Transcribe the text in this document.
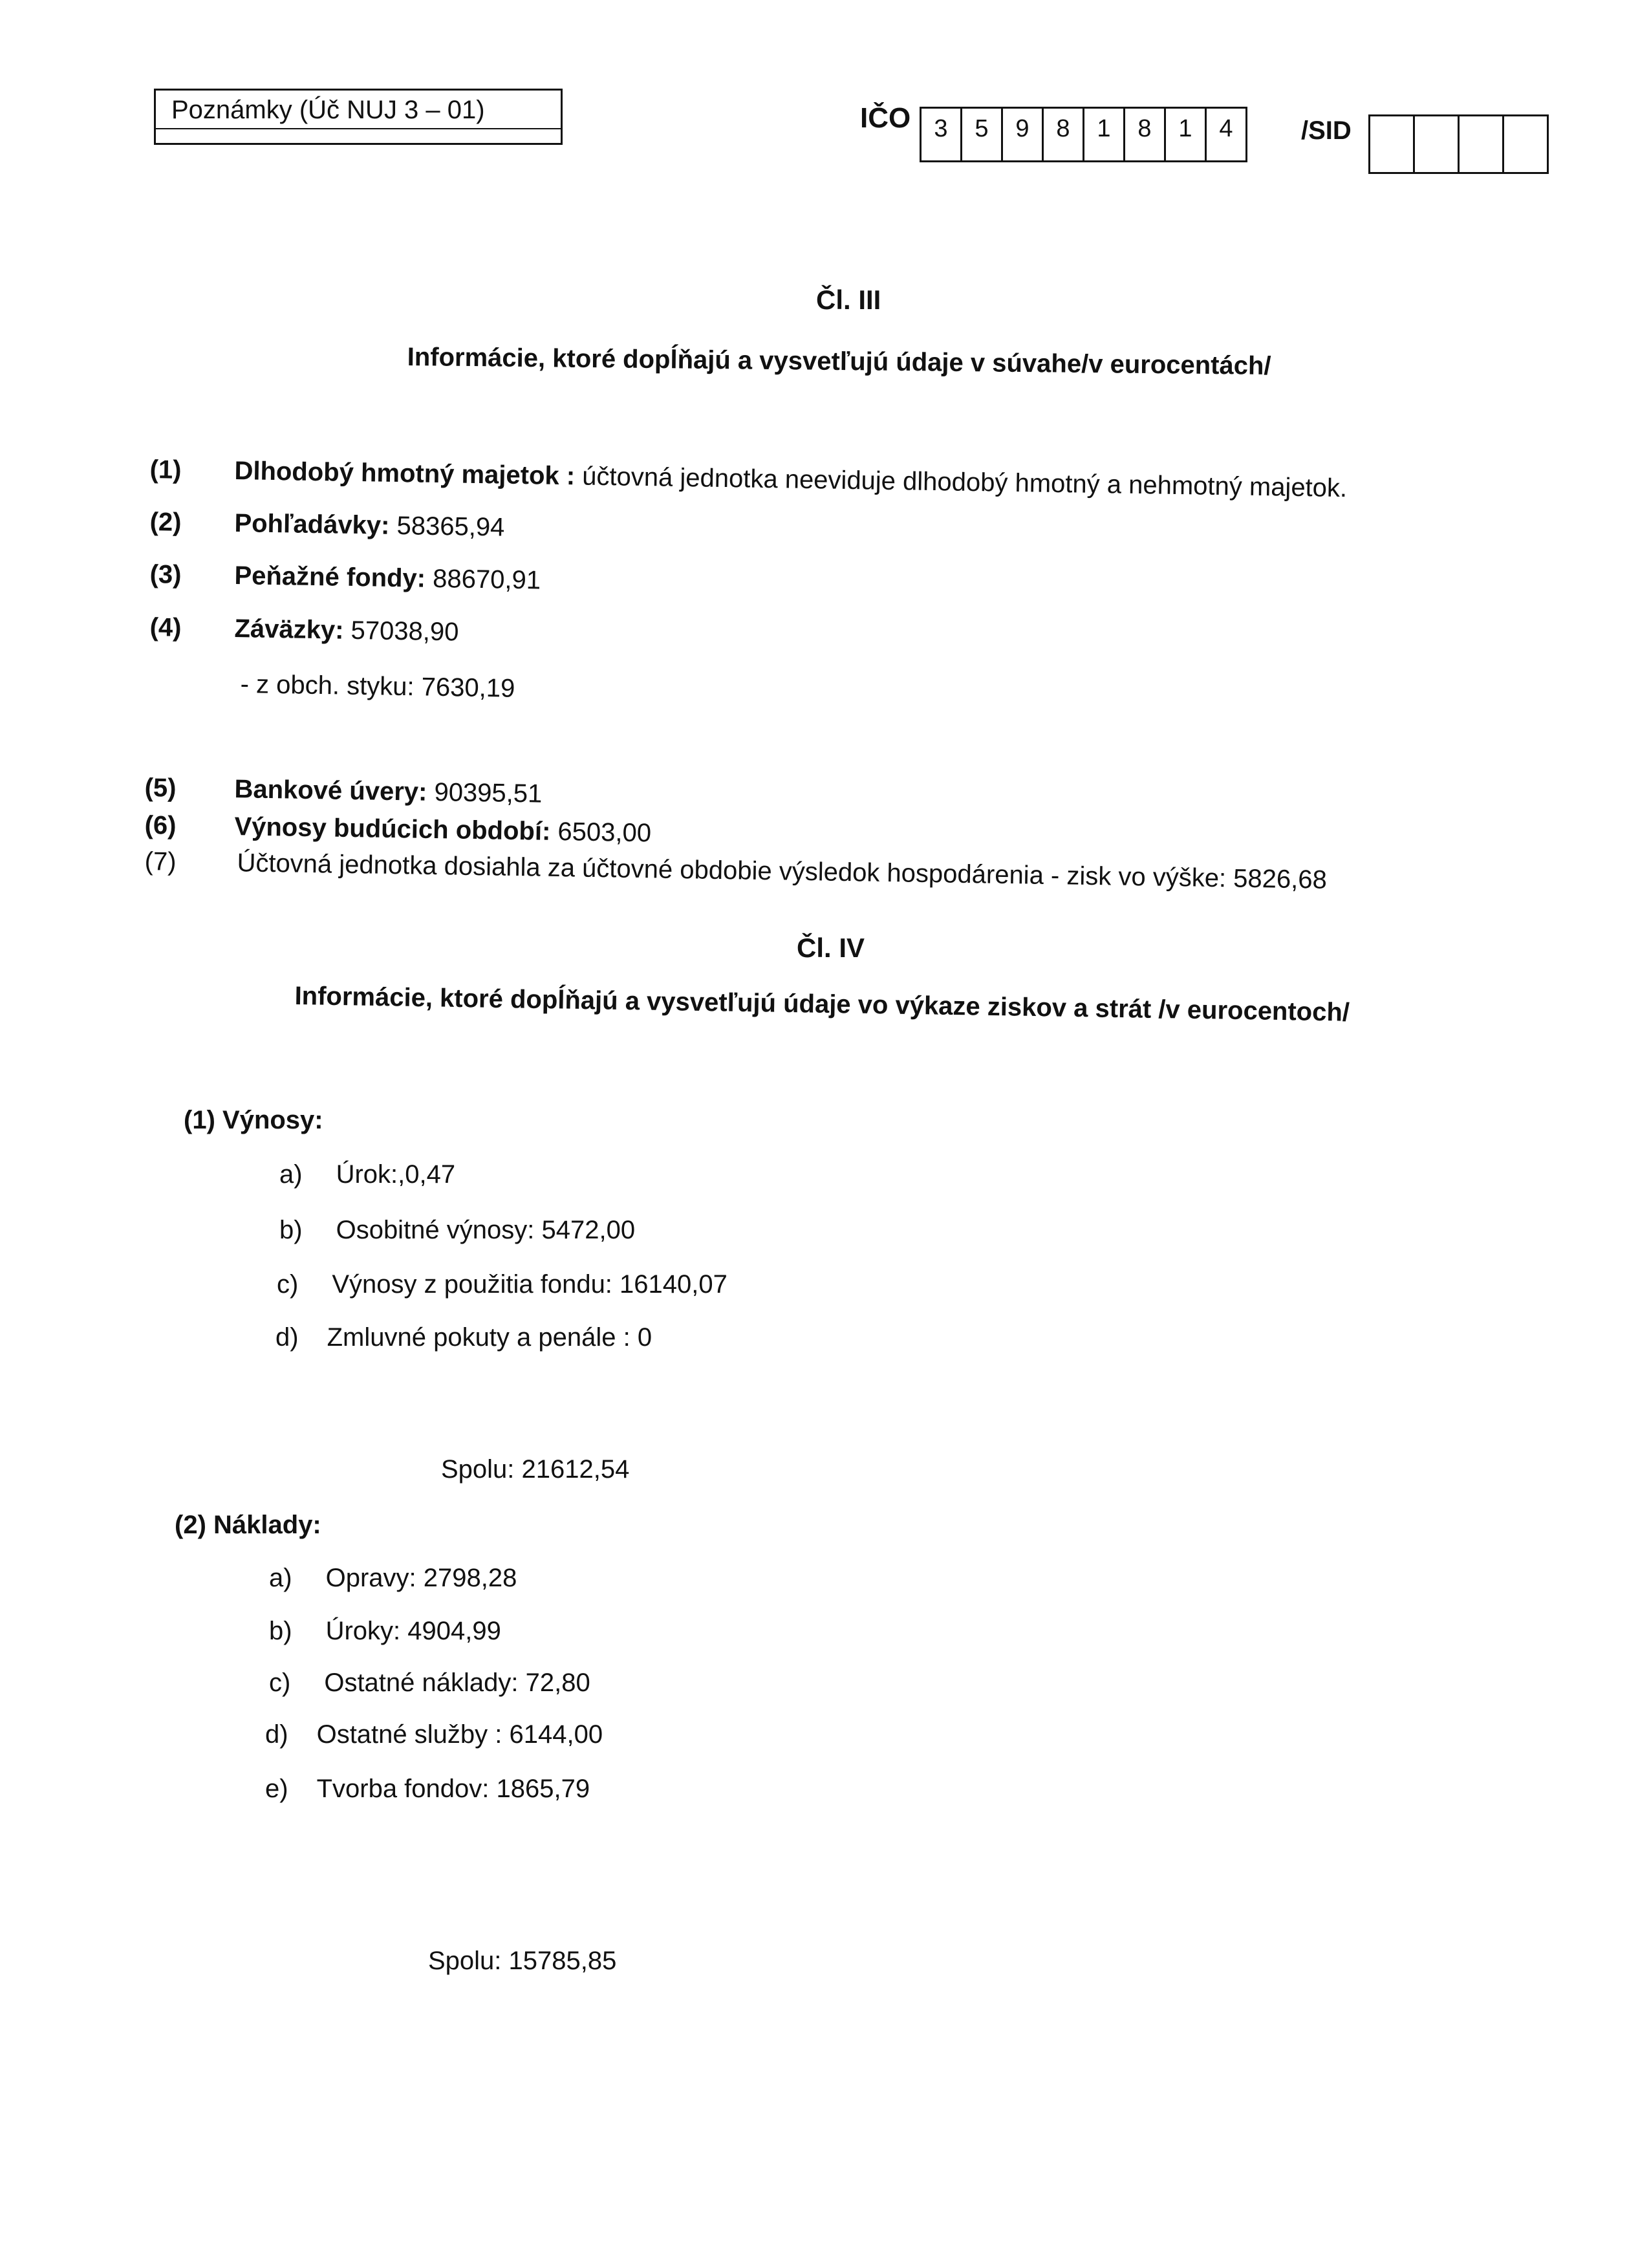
Poznámky (Úč NUJ 3 – 01)	IČO 3	5	9	8	1	8	1	4	/SID
Čl. III
Informácie, ktoré dopĺňajú a vysvetľujú údaje v súvahe/v eurocentách/
(1) Dlhodobý hmotný majetok : účtovná jednotka neeviduje dlhodobý hmotný a nehmotný majetok.
(2) Pohľadávky: 58365,94
(3) Peňažné fondy: 88670,91
(4) Záväzky: 57038,90
- z obch. styku: 7630,19
(5) Bankové úvery: 90395,51
(6) Výnosy budúcich období: 6503,00
(7) Účtovná jednotka dosiahla za účtovné obdobie výsledok hospodárenia - zisk vo výške: 5826,68
Čl. IV
Informácie, ktoré dopĺňajú a vysvetľujú údaje vo výkaze ziskov a strát /v eurocentoch/
(1) Výnosy:
a) Úrok:,0,47
b) Osobitné výnosy: 5472,00
c) Výnosy z použitia fondu: 16140,07
d) Zmluvné pokuty a penále : 0
Spolu: 21612,54
(2) Náklady:
a) Opravy: 2798,28
b) Úroky: 4904,99
c) Ostatné náklady: 72,80
d) Ostatné služby : 6144,00
e) Tvorba fondov: 1865,79
Spolu: 15785,85
